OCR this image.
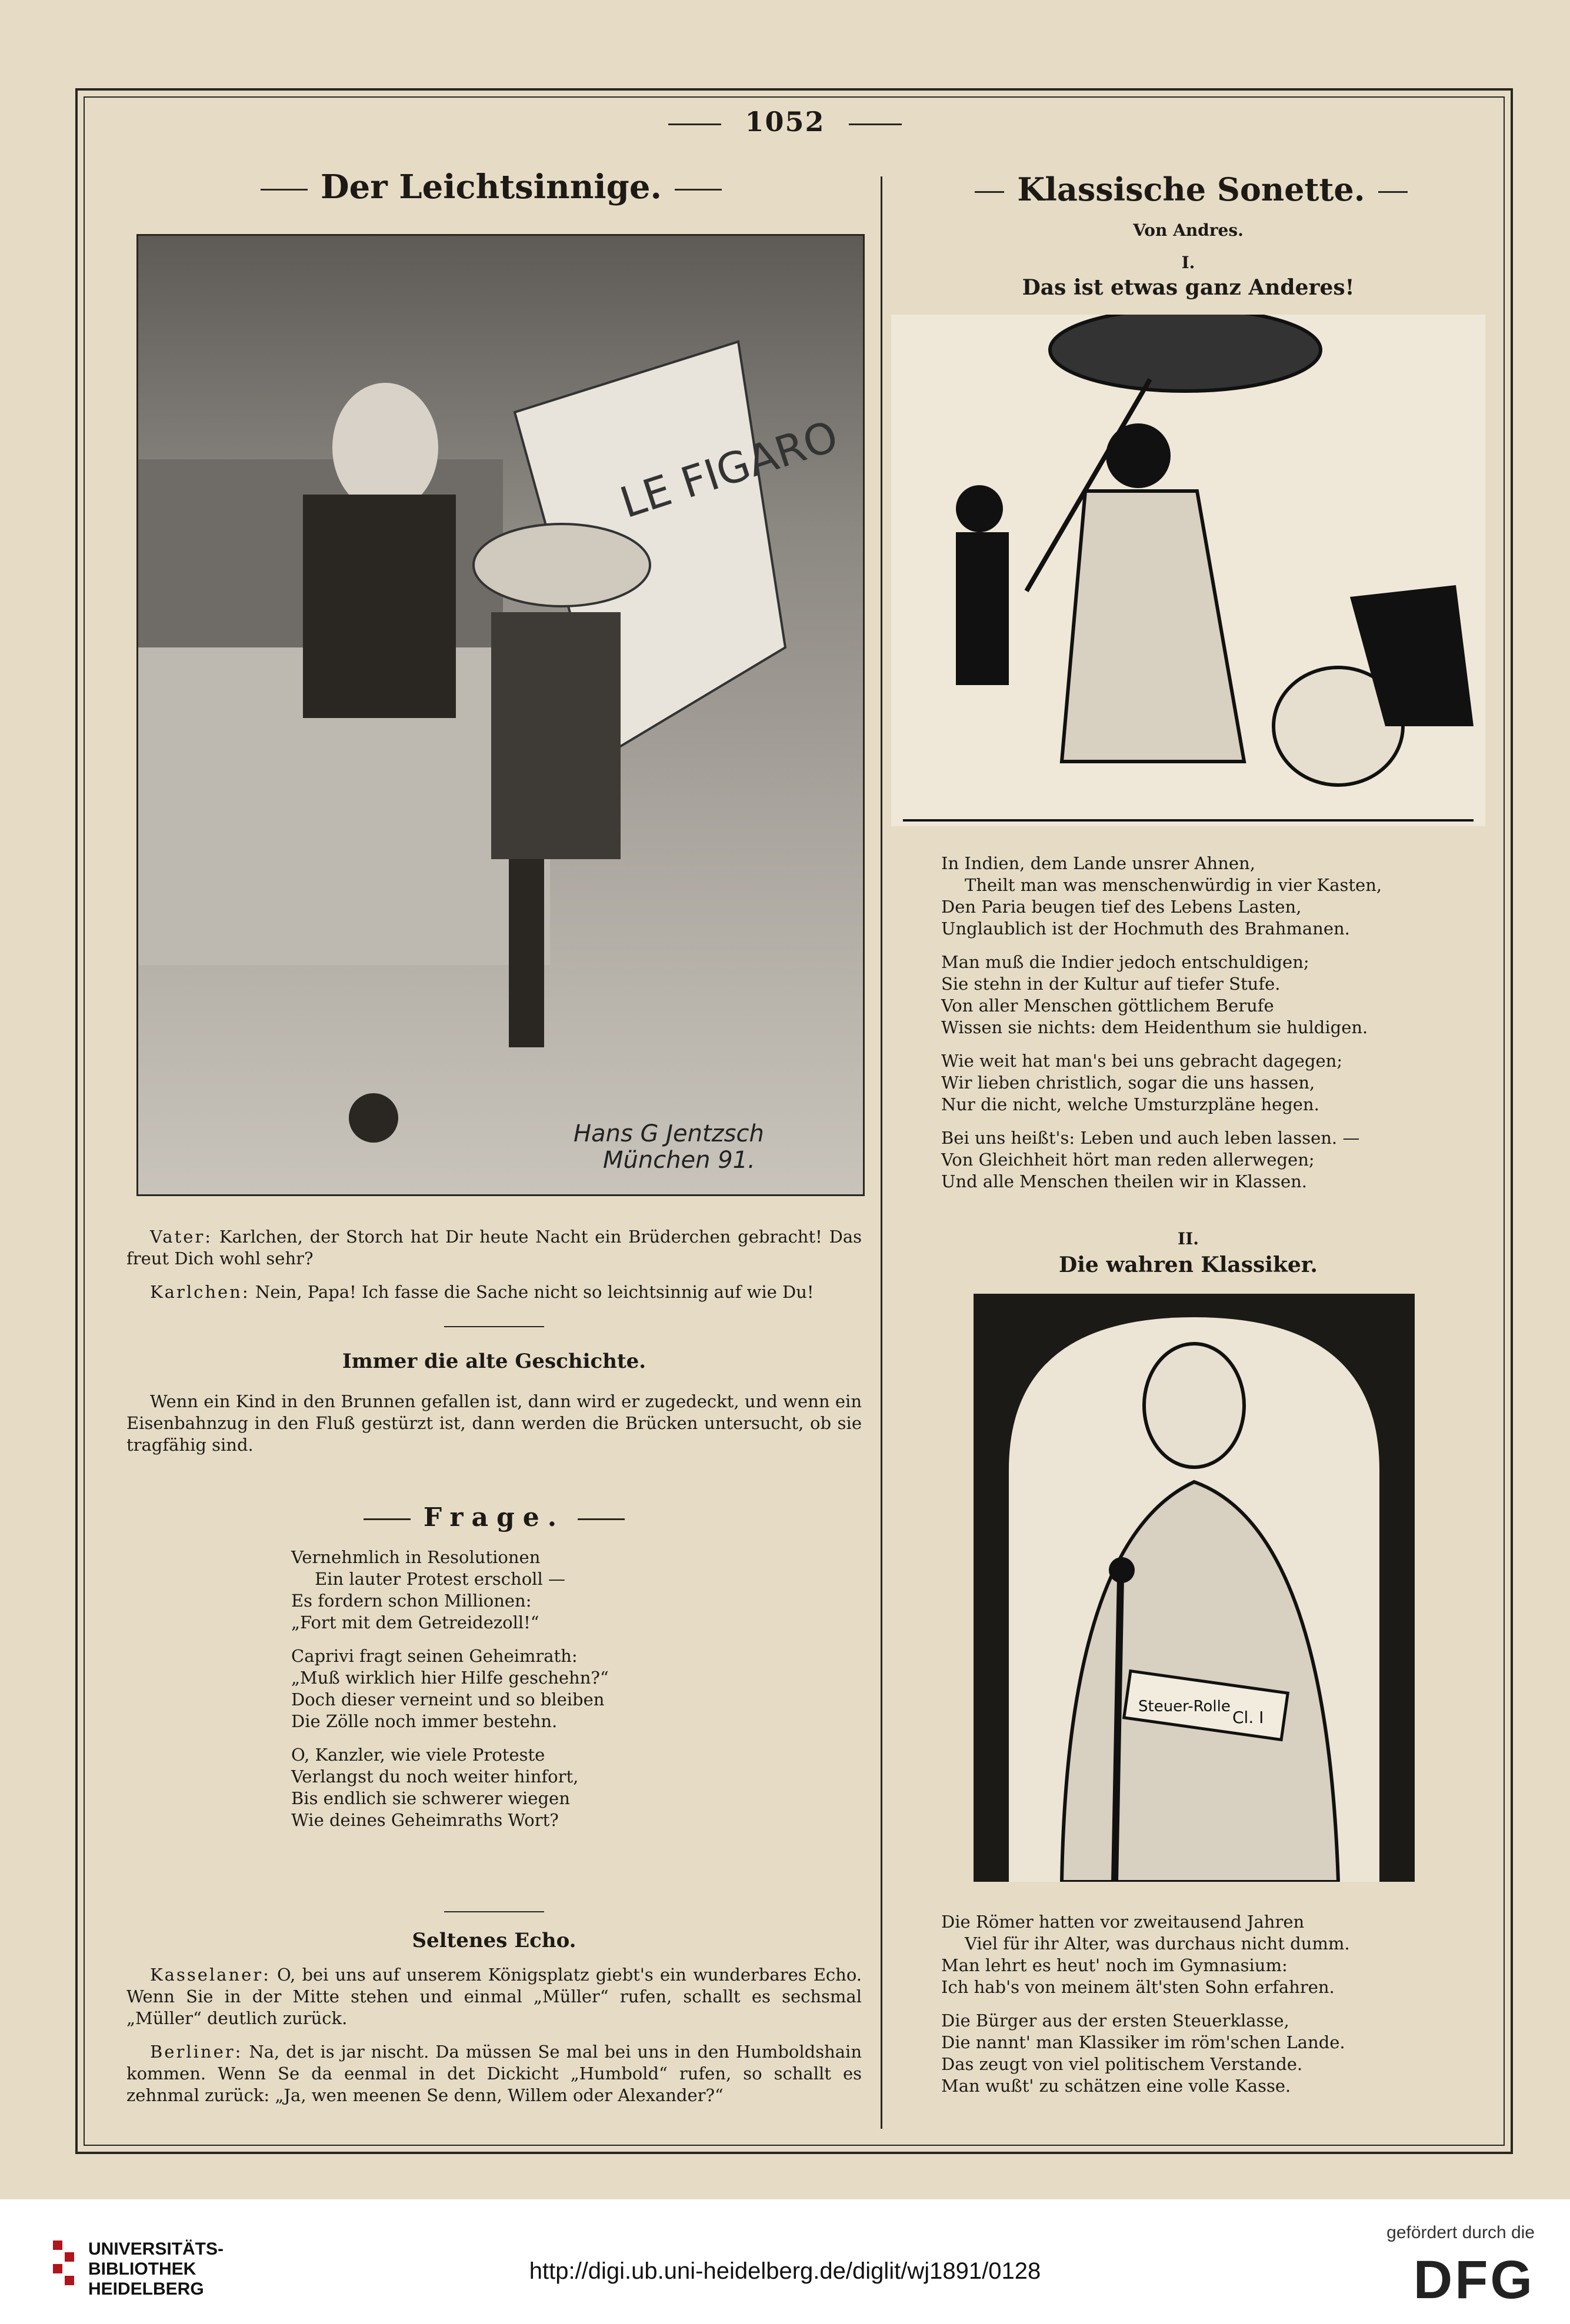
1052
Der Leichtsinnige.
LE FIGARO
Hans G Jentzsch
München 91.

Vater: Karlchen, der Storch hat Dir heute Nacht ein Brüderchen gebracht! Das freut Dich wohl sehr?

Karlchen: Nein, Papa! Ich fasse die Sache nicht so leichtsinnig auf wie Du!

Immer die alte Geschichte.

Wenn ein Kind in den Brunnen gefallen ist, dann wird er zugedeckt, und wenn ein Eisenbahnzug in den Fluß gestürzt ist, dann werden die Brücken untersucht, ob sie tragfähig sind.

Frage.

Vernehmlich in Resolutionen
Ein lauter Protest erscholl —
Es fordern schon Millionen:
„Fort mit dem Getreidezoll!“

Caprivi fragt seinen Geheimrath:
„Muß wirklich hier Hilfe geschehn?“
Doch dieser verneint und so bleiben
Die Zölle noch immer bestehn.

O, Kanzler, wie viele Proteste
Verlangst du noch weiter hinfort,
Bis endlich sie schwerer wiegen
Wie deines Geheimraths Wort?

Seltenes Echo.

Kasselaner: O, bei uns auf unserem Königsplatz giebt's ein wunderbares Echo. Wenn Sie in der Mitte stehen und einmal „Müller“ rufen, schallt es sechsmal „Müller“ deutlich zurück.

Berliner: Na, det is jar nischt. Da müssen Se mal bei uns in den Humboldshain kommen. Wenn Se da eenmal in det Dickicht „Humbold“ rufen, so schallt es zehnmal zurück: „Ja, wen meenen Se denn, Willem oder Alexander?“

Klassische Sonette.
Von Andres.
I.
Das ist etwas ganz Anderes!

In Indien, dem Lande unsrer Ahnen,
Theilt man was menschenwürdig in vier Kasten,
Den Paria beugen tief des Lebens Lasten,
Unglaublich ist der Hochmuth des Brahmanen.

Man muß die Indier jedoch entschuldigen;
Sie stehn in der Kultur auf tiefer Stufe.
Von aller Menschen göttlichem Berufe
Wissen sie nichts: dem Heidenthum sie huldigen.

Wie weit hat man's bei uns gebracht dagegen;
Wir lieben christlich, sogar die uns hassen,
Nur die nicht, welche Umsturzpläne hegen.

Bei uns heißt's: Leben und auch leben lassen. —
Von Gleichheit hört man reden allerwegen;
Und alle Menschen theilen wir in Klassen.

II.
Die wahren Klassiker.
Steuer-Rolle
Cl. I

Die Römer hatten vor zweitausend Jahren
Viel für ihr Alter, was durchaus nicht dumm.
Man lehrt es heut' noch im Gymnasium:
Ich hab's von meinem ält'sten Sohn erfahren.

Die Bürger aus der ersten Steuerklasse,
Die nannt' man Klassiker im röm'schen Lande.
Das zeugt von viel politischem Verstande.
Man wußt' zu schätzen eine volle Kasse.

UNIVERSITÄTS-
BIBLIOTHEK
HEIDELBERG
http://digi.ub.uni-heidelberg.de/diglit/wj1891/0128
gefördert durch die
DFG
